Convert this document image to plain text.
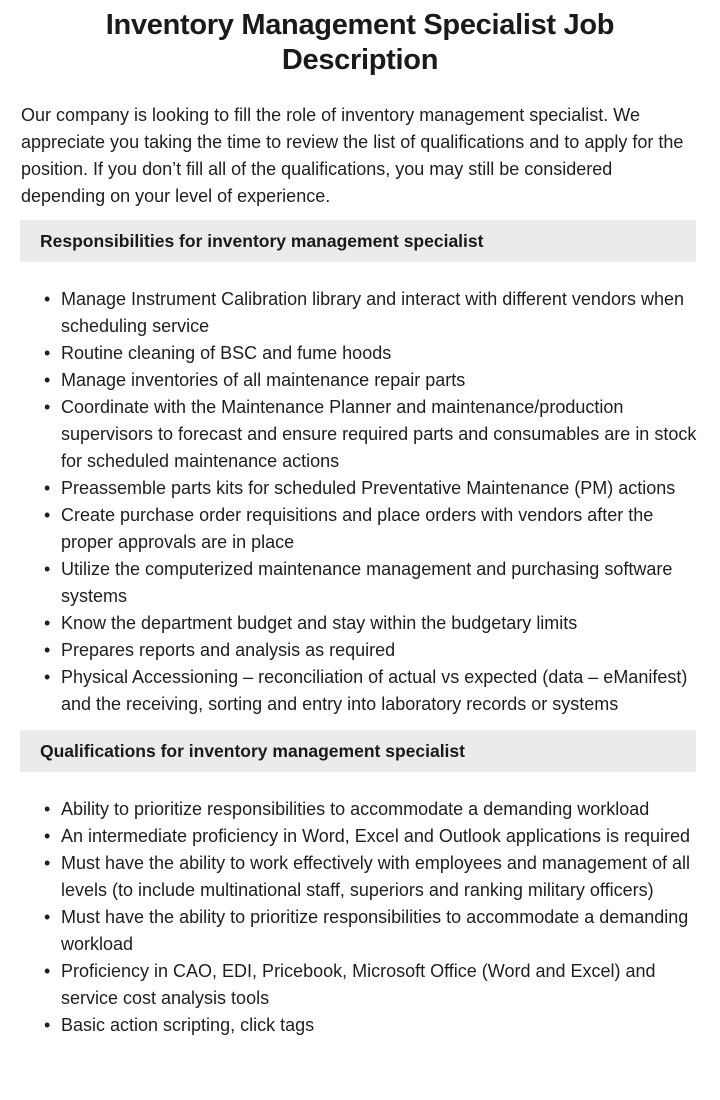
Inventory Management Specialist Job Description

Our company is looking to fill the role of inventory management specialist. We appreciate you taking the time to review the list of qualifications and to apply for the position. If you don’t fill all of the qualifications, you may still be considered depending on your level of experience.

Responsibilities for inventory management specialist
• Manage Instrument Calibration library and interact with different vendors when scheduling service
• Routine cleaning of BSC and fume hoods
• Manage inventories of all maintenance repair parts
• Coordinate with the Maintenance Planner and maintenance/production supervisors to forecast and ensure required parts and consumables are in stock for scheduled maintenance actions
• Preassemble parts kits for scheduled Preventative Maintenance (PM) actions
• Create purchase order requisitions and place orders with vendors after the proper approvals are in place
• Utilize the computerized maintenance management and purchasing software systems
• Know the department budget and stay within the budgetary limits
• Prepares reports and analysis as required
• Physical Accessioning – reconciliation of actual vs expected (data – eManifest) and the receiving, sorting and entry into laboratory records or systems
Qualifications for inventory management specialist
• Ability to prioritize responsibilities to accommodate a demanding workload
• An intermediate proficiency in Word, Excel and Outlook applications is required
• Must have the ability to work effectively with employees and management of all levels (to include multinational staff, superiors and ranking military officers)
• Must have the ability to prioritize responsibilities to accommodate a demanding workload
• Proficiency in CAO, EDI, Pricebook, Microsoft Office (Word and Excel) and service cost analysis tools
• Basic action scripting, click tags
